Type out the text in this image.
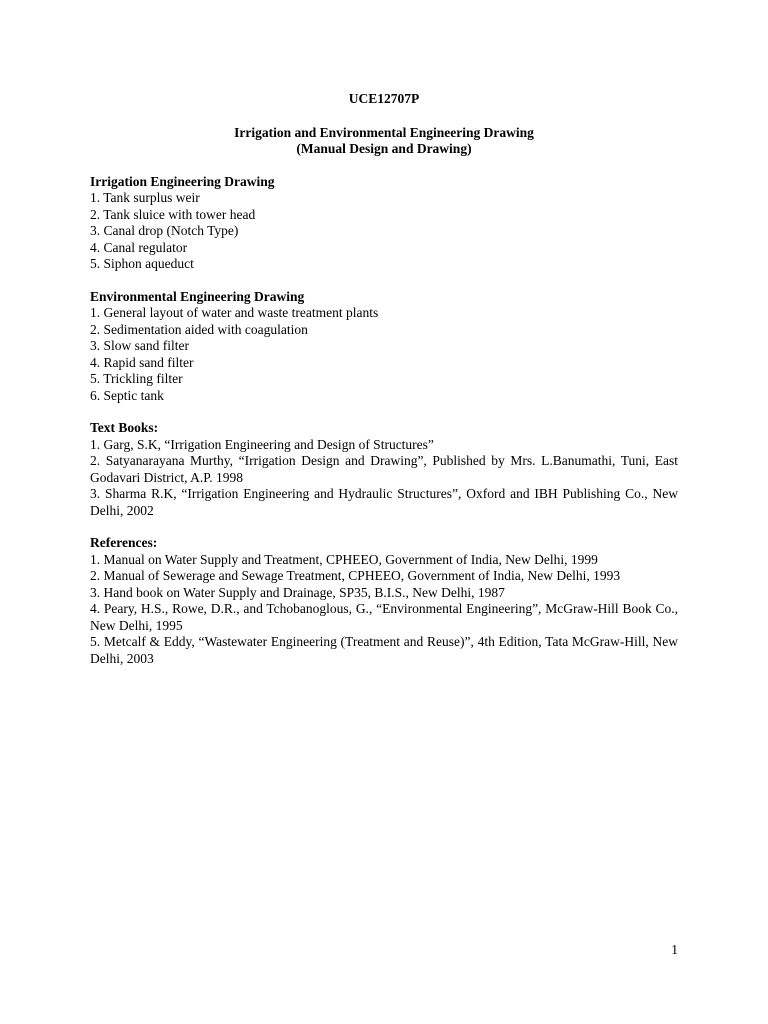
UCE12707P

Irrigation and Environmental Engineering Drawing

(Manual Design and Drawing)

Irrigation Engineering Drawing

1. Tank surplus weir

2. Tank sluice with tower head

3. Canal drop (Notch Type)

4. Canal regulator

5. Siphon aqueduct

Environmental Engineering Drawing

1. General layout of water and waste treatment plants

2. Sedimentation aided with coagulation

3. Slow sand filter

4. Rapid sand filter

5. Trickling filter

6. Septic tank

Text Books:

1. Garg, S.K, “Irrigation Engineering and Design of Structures”

2. Satyanarayana Murthy, “Irrigation Design and Drawing”, Published by Mrs. L.Banumathi, Tuni, East Godavari District, A.P. 1998

3. Sharma R.K, “Irrigation Engineering and Hydraulic Structures”, Oxford and IBH Publishing Co., New Delhi, 2002

References:

1. Manual on Water Supply and Treatment, CPHEEO, Government of India, New Delhi, 1999

2. Manual of Sewerage and Sewage Treatment, CPHEEO, Government of India, New Delhi, 1993

3. Hand book on Water Supply and Drainage, SP35, B.I.S., New Delhi, 1987

4. Peary, H.S., Rowe, D.R., and Tchobanoglous, G., “Environmental Engineering”, McGraw-Hill Book Co., New Delhi, 1995

5. Metcalf & Eddy, “Wastewater Engineering (Treatment and Reuse)”, 4th Edition, Tata McGraw-Hill, New Delhi, 2003

1
